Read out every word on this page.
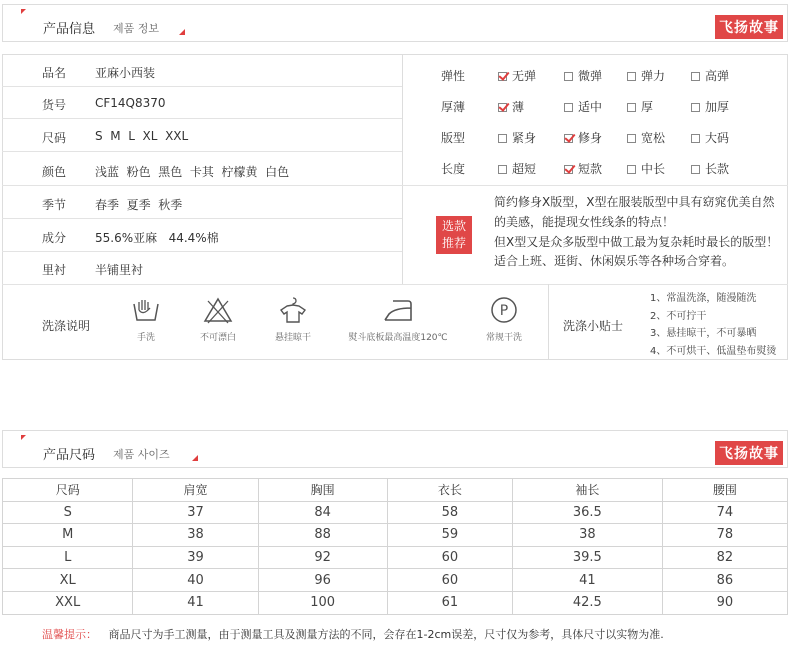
产品信息 제품 정보	飞扬故事
品名 亚麻小西装
货号 CF14Q8370
尺码 S  M  L  XL  XXL
颜色 浅蓝  粉色  黑色  卡其  柠檬黄  白色
季节 春季  夏季  秋季
成分 55.6%亚麻   44.4%棉
里衬 半铺里衬
弹性	无弹	微弹	弹力	高弹
厚薄	薄	适中	厚	加厚
版型	紧身	修身	宽松	大码
长度	超短	短款	中长	长款
选款
推荐
简约修身X版型，X型在服装版型中具有窈窕优美自然
的美感，能提现女性线条的特点！
但X型又是众多版型中做工最为复杂耗时最长的版型！
适合上班、逛街、休闲娱乐等各种场合穿着。
洗涤说明
手洗	不可漂白	悬挂晾干	熨斗底板最高温度120℃
P
常规干洗
洗涤小贴士
1、常温洗涤，随漫随洗
2、不可拧干
3、悬挂晾干，不可暴晒
4、不可烘干、低温垫布熨烫
产品尺码 제품 사이즈	飞扬故事
尺码	肩宽	胸围	衣长	袖长	腰围
S	37	84	58	36.5	74
M	38	88	59	38	78
L	39	92	60	39.5	82
XL	40	96	60	41	86
XXL	41	100	61	42.5	90
温馨提示： 商品尺寸为手工测量，由于测量工具及测量方法的不同，会存在1-2cm误差，尺寸仅为参考，具体尺寸以实物为准.
